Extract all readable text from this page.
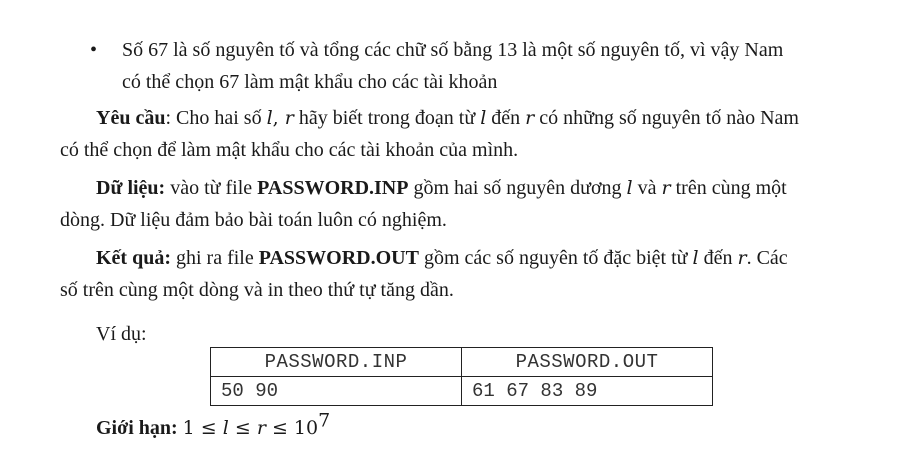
•	Số 67 là số nguyên tố và tổng các chữ số bằng 13 là một số nguyên tố, vì vậy Nam
có thể chọn 67 làm mật khẩu cho các tài khoản
Yêu cầu: Cho hai số l, r hãy biết trong đoạn từ l đến r có những số nguyên tố nào Nam
có thể chọn để làm mật khẩu cho các tài khoản của mình.
Dữ liệu: vào từ file PASSWORD.INP gồm hai số nguyên dương l và r trên cùng một
dòng. Dữ liệu đảm bảo bài toán luôn có nghiệm.
Kết quả: ghi ra file PASSWORD.OUT gồm các số nguyên tố đặc biệt từ l đến r. Các
số trên cùng một dòng và in theo thứ tự tăng dần.
Ví dụ:
PASSWORD.INP	PASSWORD.OUT
50 90	61 67 83 89
Giới hạn: $1 \le l \le r \le 10^7$
